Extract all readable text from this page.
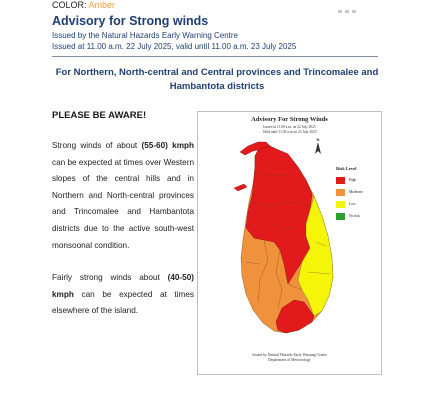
COLOR: Amber
Advisory for Strong winds
Issued by the Natural Hazards Early Warning Centre
Issued at 11.00 a.m. 22 July 2025, valid until 11.00 a.m. 23 July 2025
For Northern, North-central and Central provinces and Trincomalee and Hambantota districts
PLEASE BE AWARE!
Strong winds of about (55-60) kmph can be expected at times over Western slopes of the central hills and in Northern and North-central provinces and Trincomalee and Hambantota districts due to the active south-west monsoonal condition.
Fairly strong winds about (40-50) kmph can be expected at times elsewhere of the island.
Advisory For Strong Winds
Issued at 11.00 a.m. on 22 July 2025
Valid until 11.00 a.m on 23 July 2025
N
Risk Level
High
Moderate
Low
No risk
Issued by Natural Hazards Early Warning Centre
Department of Meteorology
